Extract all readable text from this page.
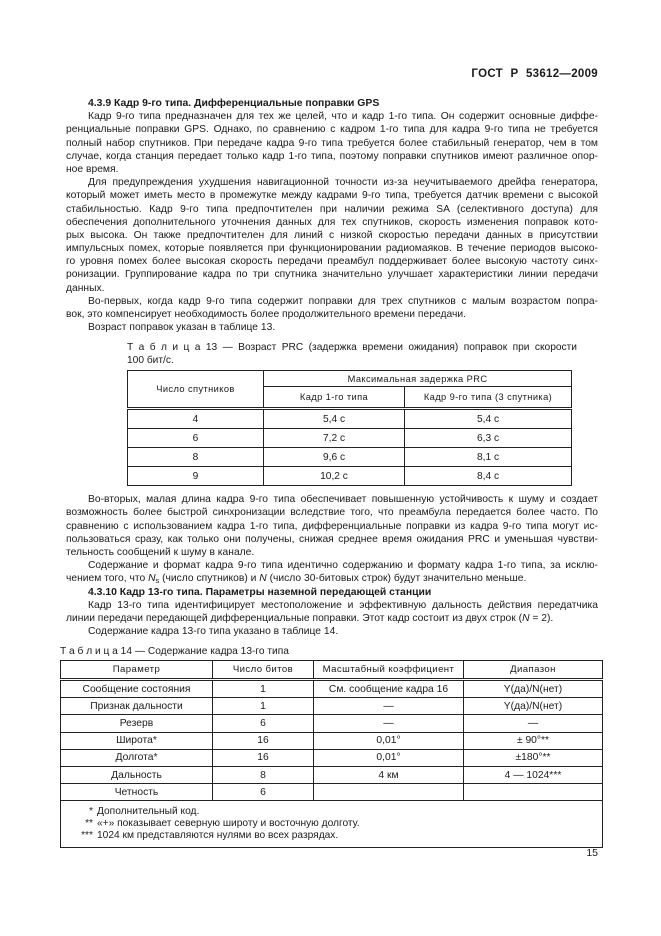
ГОСТ Р 53612—2009
4.3.9 Кадр 9-го типа. Дифференциальные поправки GPS
Кадр 9-го типа предназначен для тех же целей, что и кадр 1-го типа. Он содержит основные диффе-
ренциальные поправки GPS. Однако, по сравнению с кадром 1-го типа для кадра 9-го типа не требуется
полный набор спутников. При передаче кадра 9-го типа требуется более стабильный генератор, чем в том
случае, когда станция передает только кадр 1-го типа, поэтому поправки спутников имеют различное опор-
ное время.
Для предупреждения ухудшения навигационной точности из-за неучитываемого дрейфа генератора,
который может иметь место в промежутке между кадрами 9-го типа, требуется датчик времени с высокой
стабильностью. Кадр 9-го типа предпочтителен при наличии режима SA (селективного доступа) для
обеспечения дополнительного уточнения данных для тех спутников, скорость изменения поправок кото-
рых высока. Он также предпочтителен для линий с низкой скоростью передачи данных в присутствии
импульсных помех, которые появляется при функционировании радиомаяков. В течение периодов высоко-
го уровня помех более высокая скорость передачи преамбул поддерживает более высокую частоту синх-
ронизации. Группирование кадра по три спутника значительно улучшает характеристики линии передачи
данных.
Во-первых, когда кадр 9-го типа содержит поправки для трех спутников с малым возрастом попра-
вок, это компенсирует необходимость более продолжительного времени передачи.
Возраст поправок указан в таблице 13.
Т а б л и ц а 13 — Возраст PRC (задержка времени ожидания) поправок при скорости
100 бит/с.
Число спутников	Максимальная задержка PRC	
	Кадр 1-го типа	Кадр 9-го типа (3 спутника)
4	5,4 с	5,4 с
6	7,2 с	6,3 с
8	9,6 с	8,1 с
9	10,2 с	8,4 с
Во-вторых, малая длина кадра 9-го типа обеспечивает повышенную устойчивость к шуму и создает
возможность более быстрой синхронизации вследствие того, что преамбула передается более часто. По
сравнению с использованием кадра 1-го типа, дифференциальные поправки из кадра 9-го типа могут ис-
пользоваться сразу, как только они получены, снижая среднее время ожидания PRC и уменьшая чувстви-
тельность сообщений к шуму в канале.
Содержание и формат кадра 9-го типа идентично содержанию и формату кадра 1-го типа, за исклю-
чением того, что $N_s$ (число спутников) и N (число 30-битовых строк) будут значительно меньше.
4.3.10 Кадр 13-го типа. Параметры наземной передающей станции
Кадр 13-го типа идентифицирует местоположение и эффективную дальность действия передатчика
линии передачи передающей дифференциальные поправки. Этот кадр состоит из двух строк (N = 2).
Содержание кадра 13-го типа указано в таблице 14.
Т а б л и ц а 14 — Содержание кадра 13-го типа
Параметр	Число битов	Масштабный коэффициент	Диапазон
Сообщение состояния	1	См. сообщение кадра 16	Y(да)/N(нет)
Признак дальности	1	—	Y(да)/N(нет)
Резерв	6	—	—
Широта*	16	0,01°	± 90°**
Долгота*	16	0,01°	±180°**
Дальность	8	4 км	4 — 1024***
Четность	6		

* Дополнительный код.
** «+» показывает северную широту и восточную долготу.
*** 1024 км представляются нулями во всех разрядах.			
15
